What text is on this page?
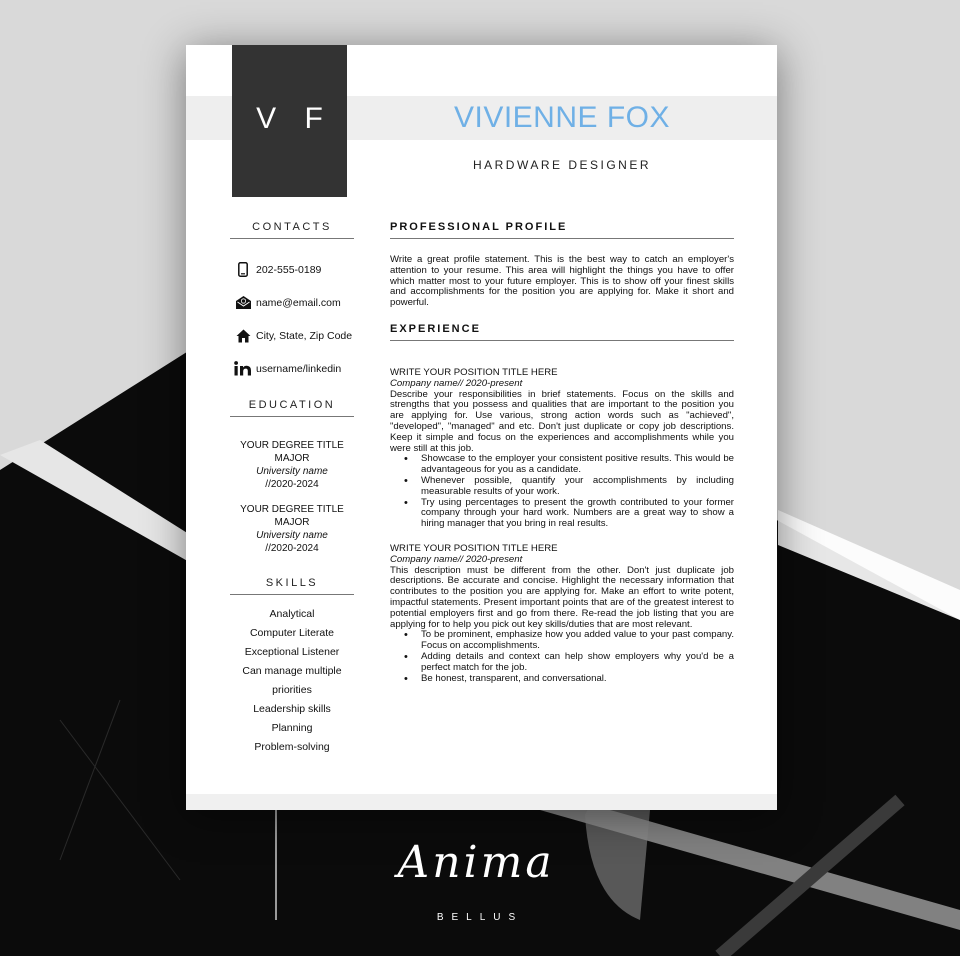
V F	VIVIENNE FOX
HARDWARE DESIGNER
CONTACTS
202-555-0189
name@email.com
City, State, Zip Code
username/linkedin
EDUCATION
YOUR DEGREE TITLE
MAJOR
University name
//2020-2024
YOUR DEGREE TITLE
MAJOR
University name
//2020-2024
SKILLS
Analytical
Computer Literate
Exceptional Listener
Can manage multiple
priorities
Leadership skills
Planning
Problem-solving
PROFESSIONAL PROFILE
Write a great profile statement. This is the best way to catch an employer's attention to your resume. This area will highlight the things you have to offer which matter most to your future employer. This is to show off your finest skills and accomplishments for the position you are applying for. Make it short and powerful.
EXPERIENCE
WRITE YOUR POSITION TITLE HERE
Company name// 2020-present
Describe your responsibilities in brief statements. Focus on the skills and strengths that you possess and qualities that are important to the position you are applying for. Use various, strong action words such as "achieved", "developed", "managed" and etc. Don't just duplicate or copy job descriptions. Keep it simple and focus on the experiences and accomplishments while you were still at this job.
• Showcase to the employer your consistent positive results. This would be advantageous for you as a candidate.
• Whenever possible, quantify your accomplishments by including measurable results of your work.
• Try using percentages to present the growth contributed to your former company through your hard work. Numbers are a great way to show a hiring manager that you bring in real results.
WRITE YOUR POSITION TITLE HERE
Company name// 2020-present
This description must be different from the other. Don't just duplicate job descriptions. Be accurate and concise. Highlight the necessary information that contributes to the position you are applying for. Make an effort to write potent, impactful statements. Present important points that are of the greatest interest to potential employers first and go from there. Re-read the job listing that you are applying for to help you pick out key skills/duties that are most relevant.
• To be prominent, emphasize how you added value to your past company. Focus on accomplishments.
• Adding details and context can help show employers why you'd be a perfect match for the job.
• Be honest, transparent, and conversational.
Anima
BELLUS
